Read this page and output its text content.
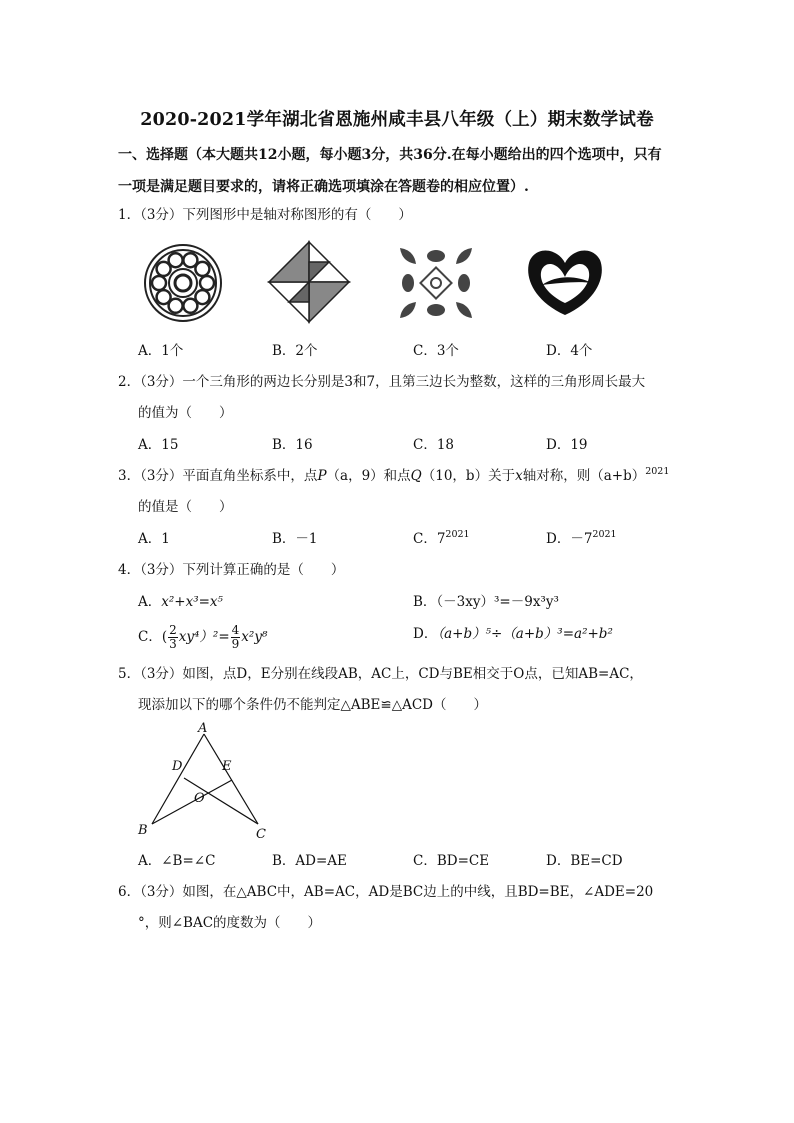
2020-2021学年湖北省恩施州咸丰县八年级（上）期末数学试卷
一、选择题（本大题共12小题，每小题3分，共36分.在每小题给出的四个选项中，只有
一项是满足题目要求的，请将正确选项填涂在答题卷的相应位置）.
1．（3分）下列图形中是轴对称图形的有（　　）
A．1个	B．2个	C．3个	D．4个
2．（3分）一个三角形的两边长分别是3和7，且第三边长为整数，这样的三角形周长最大
的值为（　　）
A．15	B．16	C．18	D．19
3．（3分）平面直角坐标系中，点P（a，9）和点Q（10，b）关于x轴对称，则$(a+b)^{2021}$
的值是（　　）
A．1	B．－1	C．$7^{2021}$	D．$-7^{2021}$
4．（3分）下列计算正确的是（　　）
A．x²+x³=x⁵	B．（－3xy）³=－9x³y³
C．( $\frac{2}{3} xy^4)^2= \frac{4}{9} x^2y^8$	D．（a+b）⁵÷（a+b）³=a²+b²
5．（3分）如图，点D，E分别在线段AB，AC上，CD与BE相交于O点，已知AB=AC，
现添加以下的哪个条件仍不能判定△ABE≌△ACD（　　）
A
B	C
D	E
O
A．∠B=∠C	B．AD=AE	C．BD=CE	D．BE=CD
6．（3分）如图，在△ABC中，AB=AC，AD是BC边上的中线，且BD=BE，∠ADE=20
°，则∠BAC的度数为（　　）
